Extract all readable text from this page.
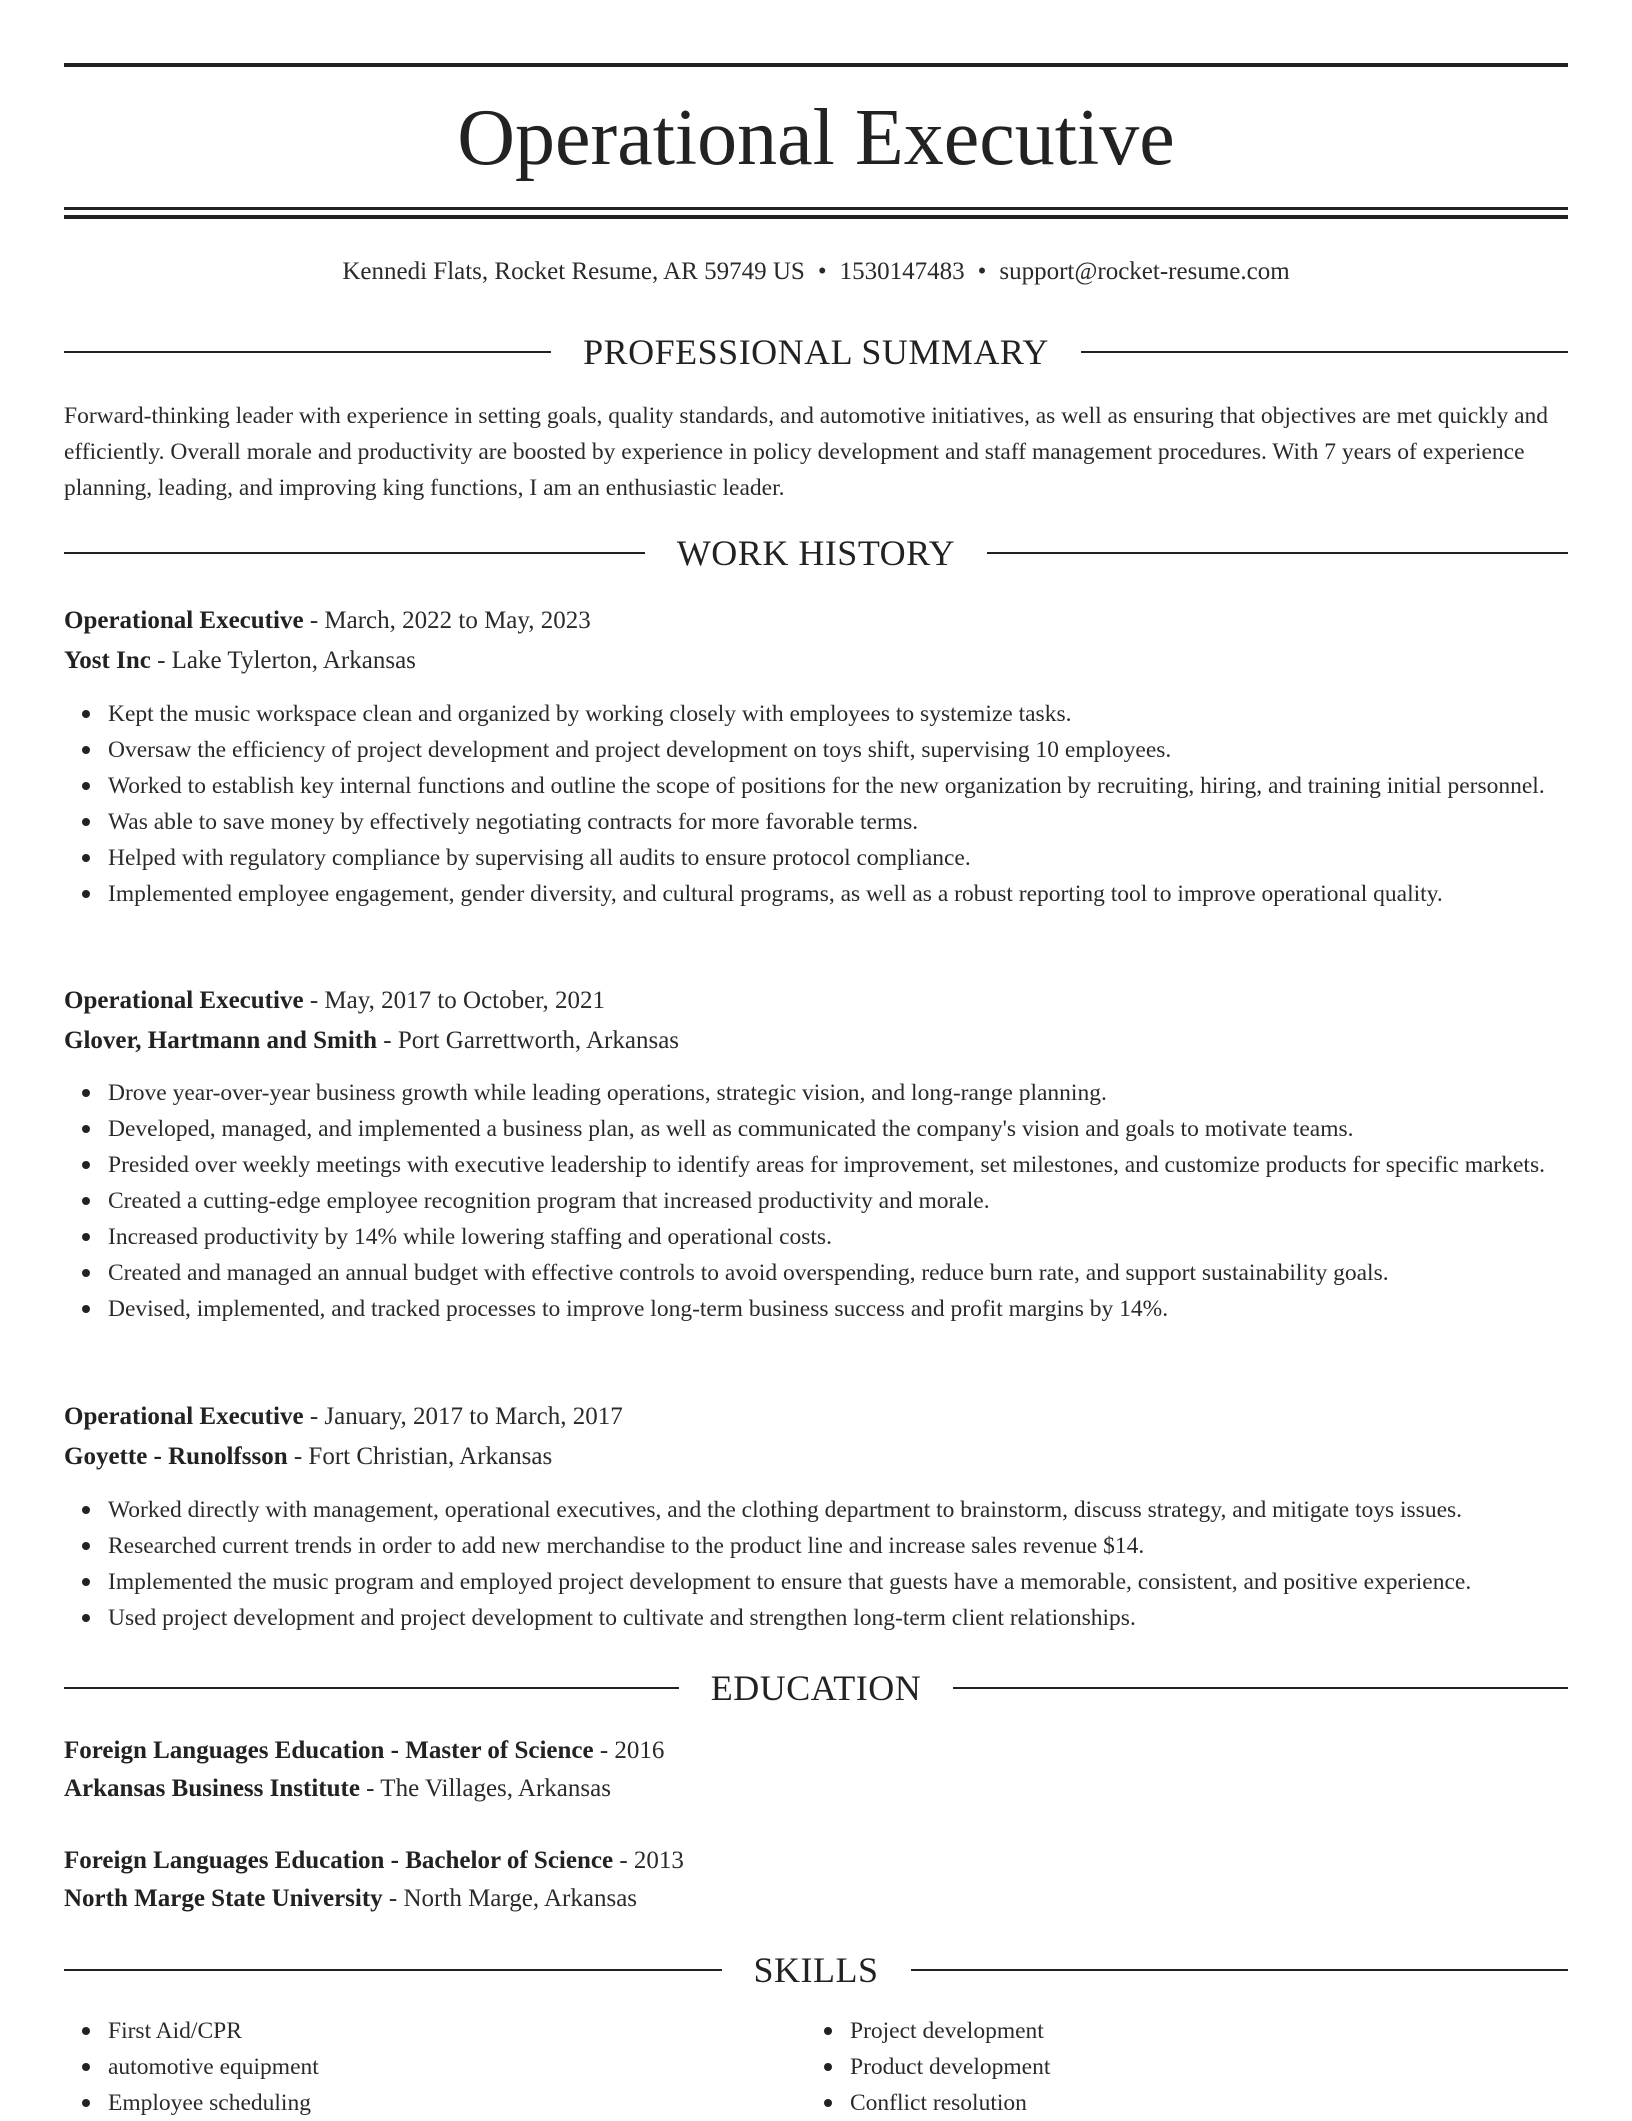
Operational Executive
Kennedi Flats, Rocket Resume, AR 59749 US • 1530147483 • support@rocket-resume.com
PROFESSIONAL SUMMARY

Forward-thinking leader with experience in setting goals, quality standards, and automotive initiatives, as well as ensuring that objectives are met quickly and efficiently. Overall morale and productivity are boosted by experience in policy development and staff management procedures. With 7 years of experience planning, leading, and improving king functions, I am an enthusiastic leader.

WORK HISTORY
Operational Executive - March, 2022 to May, 2023
Yost Inc - Lake Tylerton, Arkansas
Kept the music workspace clean and organized by working closely with employees to systemize tasks.
Oversaw the efficiency of project development and project development on toys shift, supervising 10 employees.
Worked to establish key internal functions and outline the scope of positions for the new organization by recruiting, hiring, and training initial personnel.
Was able to save money by effectively negotiating contracts for more favorable terms.
Helped with regulatory compliance by supervising all audits to ensure protocol compliance.
Implemented employee engagement, gender diversity, and cultural programs, as well as a robust reporting tool to improve operational quality.
Operational Executive - May, 2017 to October, 2021
Glover, Hartmann and Smith - Port Garrettworth, Arkansas
Drove year-over-year business growth while leading operations, strategic vision, and long-range planning.
Developed, managed, and implemented a business plan, as well as communicated the company's vision and goals to motivate teams.
Presided over weekly meetings with executive leadership to identify areas for improvement, set milestones, and customize products for specific markets.
Created a cutting-edge employee recognition program that increased productivity and morale.
Increased productivity by 14% while lowering staffing and operational costs.
Created and managed an annual budget with effective controls to avoid overspending, reduce burn rate, and support sustainability goals.
Devised, implemented, and tracked processes to improve long-term business success and profit margins by 14%.
Operational Executive - January, 2017 to March, 2017
Goyette - Runolfsson - Fort Christian, Arkansas
Worked directly with management, operational executives, and the clothing department to brainstorm, discuss strategy, and mitigate toys issues.
Researched current trends in order to add new merchandise to the product line and increase sales revenue $14.
Implemented the music program and employed project development to ensure that guests have a memorable, consistent, and positive experience.
Used project development and project development to cultivate and strengthen long-term client relationships.
EDUCATION
Foreign Languages Education - Master of Science - 2016
Arkansas Business Institute - The Villages, Arkansas
Foreign Languages Education - Bachelor of Science - 2013
North Marge State University - North Marge, Arkansas
SKILLS
First Aid/CPR
automotive equipment
Employee scheduling
Project development
Product development
Conflict resolution
